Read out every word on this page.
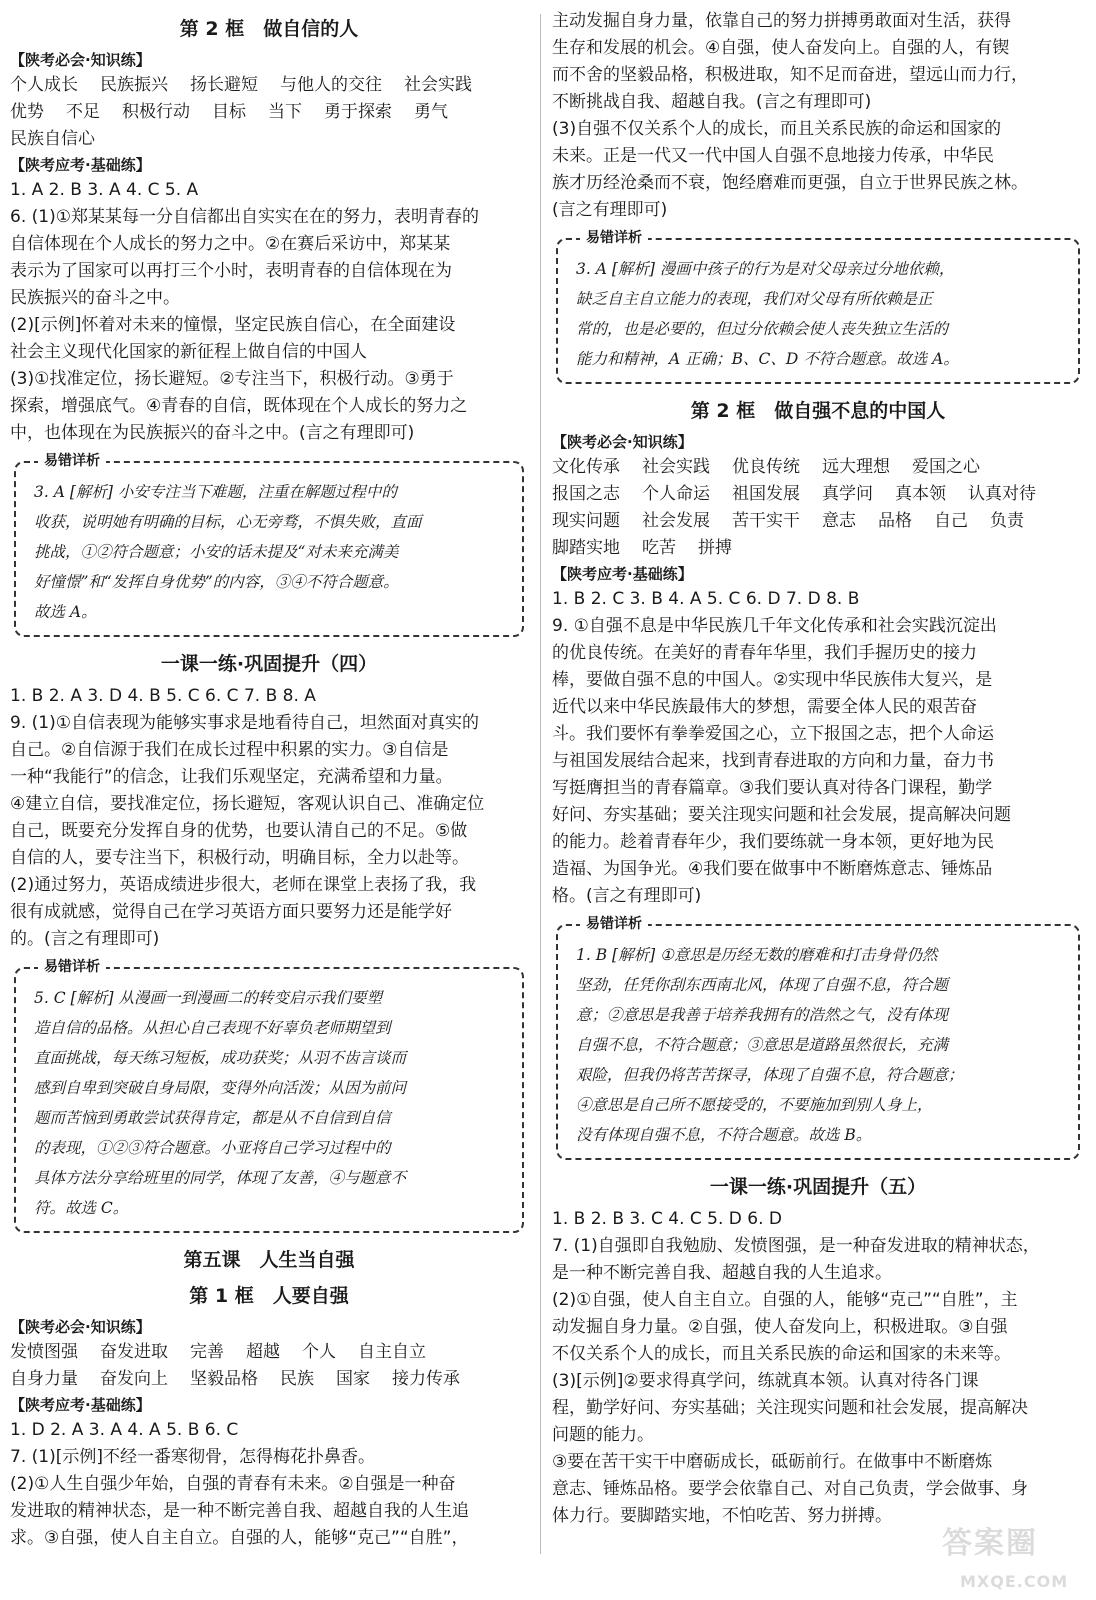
第 2 框　做自信的人
【陕考必会·知识练】
个人成长 民族振兴 扬长避短 与他人的交往 社会实践优势 不足 积极行动 目标 当下 勇于探索 勇气民族自信心
【陕考应考·基础练】
1. A 2. B 3. A 4. C 5. A
6. (1)①郑某某每一分自信都出自实实在在的努力，表明青春的
自信体现在个人成长的努力之中。②在赛后采访中，郑某某
表示为了国家可以再打三个小时，表明青春的自信体现在为
民族振兴的奋斗之中。
(2)[示例]怀着对未来的憧憬，坚定民族自信心，在全面建设
社会主义现代化国家的新征程上做自信的中国人
(3)①找准定位，扬长避短。②专注当下，积极行动。③勇于
探索，增强底气。④青春的自信，既体现在个人成长的努力之
中，也体现在为民族振兴的奋斗之中。(言之有理即可)
易错详析
3. A [解析] 小安专注当下难题，注重在解题过程中的
收获，说明她有明确的目标，心无旁骛，不惧失败，直面
挑战，①②符合题意；小安的话未提及“对未来充满美
好憧憬”和“发挥自身优势”的内容，③④不符合题意。
故选 A。
一课一练·巩固提升（四）
1. B 2. A 3. D 4. B 5. C 6. C 7. B 8. A
9. (1)①自信表现为能够实事求是地看待自己，坦然面对真实的
自己。②自信源于我们在成长过程中积累的实力。③自信是
一种“我能行”的信念，让我们乐观坚定，充满希望和力量。
④建立自信，要找准定位，扬长避短，客观认识自己、准确定位
自己，既要充分发挥自身的优势，也要认清自己的不足。⑤做
自信的人，要专注当下，积极行动，明确目标，全力以赴等。
(2)通过努力，英语成绩进步很大，老师在课堂上表扬了我，我
很有成就感，觉得自己在学习英语方面只要努力还是能学好
的。(言之有理即可)
易错详析
5. C [解析] 从漫画一到漫画二的转变启示我们要塑
造自信的品格。从担心自己表现不好辜负老师期望到
直面挑战，每天练习短板，成功获奖；从羽不齿言谈而
感到自卑到突破自身局限，变得外向活泼；从因为前问
题而苦恼到勇敢尝试获得肯定，都是从不自信到自信
的表现，①②③符合题意。小亚将自己学习过程中的
具体方法分享给班里的同学，体现了友善，④与题意不
符。故选 C。
第五课　人生当自强
第 1 框　人要自强
【陕考必会·知识练】
发愤图强 奋发进取 完善 超越 个人 自主自立自身力量 奋发向上 坚毅品格 民族 国家 接力传承
【陕考应考·基础练】
1. D 2. A 3. A 4. A 5. B 6. C
7. (1)[示例]不经一番寒彻骨，怎得梅花扑鼻香。
(2)①人生自强少年始，自强的青春有未来。②自强是一种奋
发进取的精神状态，是一种不断完善自我、超越自我的人生追
求。③自强，使人自主自立。自强的人，能够“克己”“自胜”，
主动发掘自身力量，依靠自己的努力拼搏勇敢面对生活，获得
生存和发展的机会。④自强，使人奋发向上。自强的人，有锲
而不舍的坚毅品格，积极进取，知不足而奋进，望远山而力行，
不断挑战自我、超越自我。(言之有理即可)
(3)自强不仅关系个人的成长，而且关系民族的命运和国家的
未来。正是一代又一代中国人自强不息地接力传承，中华民
族才历经沧桑而不衰，饱经磨难而更强，自立于世界民族之林。
(言之有理即可)
易错详析
3. A [解析] 漫画中孩子的行为是对父母亲过分地依赖，
缺乏自主自立能力的表现，我们对父母有所依赖是正
常的，也是必要的，但过分依赖会使人丧失独立生活的
能力和精神，A 正确；B、C、D 不符合题意。故选 A。
第 2 框　做自强不息的中国人
【陕考必会·知识练】
文化传承 社会实践 优良传统 远大理想 爱国之心报国之志 个人命运 祖国发展 真学问 真本领 认真对待现实问题 社会发展 苦干实干 意志 品格 自己 负责脚踏实地 吃苦 拼搏
【陕考应考·基础练】
1. B 2. C 3. B 4. A 5. C 6. D 7. D 8. B
9. ①自强不息是中华民族几千年文化传承和社会实践沉淀出
的优良传统。在美好的青春年华里，我们手握历史的接力
棒，要做自强不息的中国人。②实现中华民族伟大复兴，是
近代以来中华民族最伟大的梦想，需要全体人民的艰苦奋
斗。我们要怀有拳拳爱国之心，立下报国之志，把个人命运
与祖国发展结合起来，找到青春进取的方向和力量，奋力书
写挺膺担当的青春篇章。③我们要认真对待各门课程，勤学
好问、夯实基础；要关注现实问题和社会发展，提高解决问题
的能力。趁着青春年少，我们要练就一身本领，更好地为民
造福、为国争光。④我们要在做事中不断磨炼意志、锤炼品
格。(言之有理即可)
易错详析
1. B [解析] ①意思是历经无数的磨难和打击身骨仍然
坚劲，任凭你刮东西南北风，体现了自强不息，符合题
意；②意思是我善于培养我拥有的浩然之气，没有体现
自强不息，不符合题意；③意思是道路虽然很长，充满
艰险，但我仍将苦苦探寻，体现了自强不息，符合题意；
④意思是自己所不愿接受的，不要施加到别人身上，
没有体现自强不息，不符合题意。故选 B。
一课一练·巩固提升（五）
1. B 2. B 3. C 4. C 5. D 6. D
7. (1)自强即自我勉励、发愤图强，是一种奋发进取的精神状态，
是一种不断完善自我、超越自我的人生追求。
(2)①自强，使人自主自立。自强的人，能够“克己”“自胜”，主
动发掘自身力量。②自强，使人奋发向上，积极进取。③自强
不仅关系个人的成长，而且关系民族的命运和国家的未来等。
(3)[示例]②要求得真学问，练就真本领。认真对待各门课
程，勤学好问、夯实基础；关注现实问题和社会发展，提高解决
问题的能力。
③要在苦干实干中磨砺成长，砥砺前行。在做事中不断磨炼
意志、锤炼品格。要学会依靠自己、对自己负责，学会做事、身
体力行。要脚踏实地，不怕吃苦、努力拼搏。
答案圈
MXQE.COM
